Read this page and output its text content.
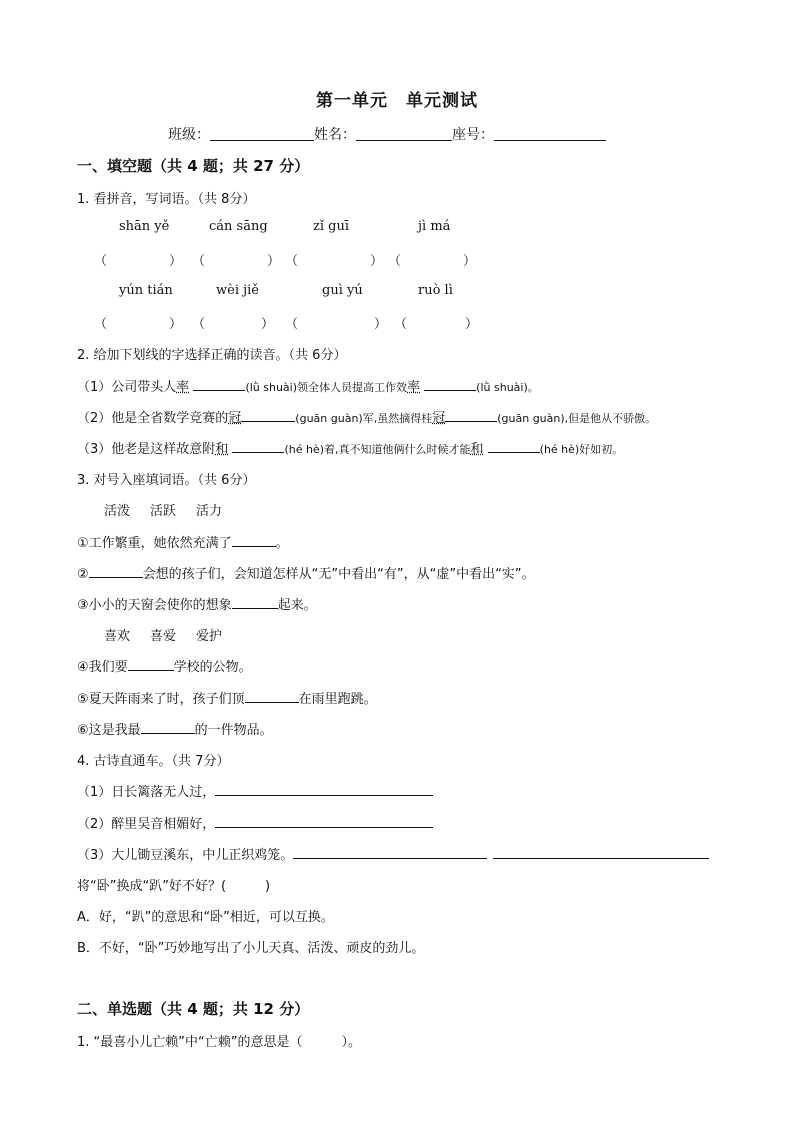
第一单元　单元测试
班级：	姓名：	座号：
一、填空题（共 4 题；共 27 分）
1. 看拼音，写词语。（共 8分）
shān yě	cán sāng	zǐ guī	jì má
（	） （	） （	） （	）
yún tián	wèi jiě	guì yú	ruò lì
（	） （	） （	） （	）
2. 给加下划线的字选择正确的读音。（共 6分）
（1）公司带头人率	(lǜ shuài)领全体人员提高工作效率	(lǜ shuài)。
（2）他是全省数学竞赛的冠	(guān guàn)军,虽然摘得桂冠	(guān guàn),但是他从不骄傲。
（3）他老是这样故意附和	(hé hè)着,真不知道他俩什么时候才能和	(hé hè)好如初。
3. 对号入座填词语。（共 6分）
活泼 活跃 活力
①工作繁重，她依然充满了	。
②	会想的孩子们，会知道怎样从“无”中看出“有”，从“虚”中看出“实”。
③小小的天窗会使你的想象	起来。
喜欢 喜爱 爱护
④我们要	学校的公物。
⑤夏天阵雨来了时，孩子们顶	在雨里跑跳。
⑥这是我最	的一件物品。
4. 古诗直通车。（共 7分）
（1）日长篱落无人过，
（2）醉里吴音相媚好，
（3）大儿锄豆溪东，中儿正织鸡笼。
将“卧”换成“趴”好不好？(　　　)
A．好，“趴”的意思和“卧”相近，可以互换。
B．不好，“卧”巧妙地写出了小儿天真、活泼、顽皮的劲儿。
二、单选题（共 4 题；共 12 分）
1. “最喜小儿亡赖”中“亡赖”的意思是（　　　）。
